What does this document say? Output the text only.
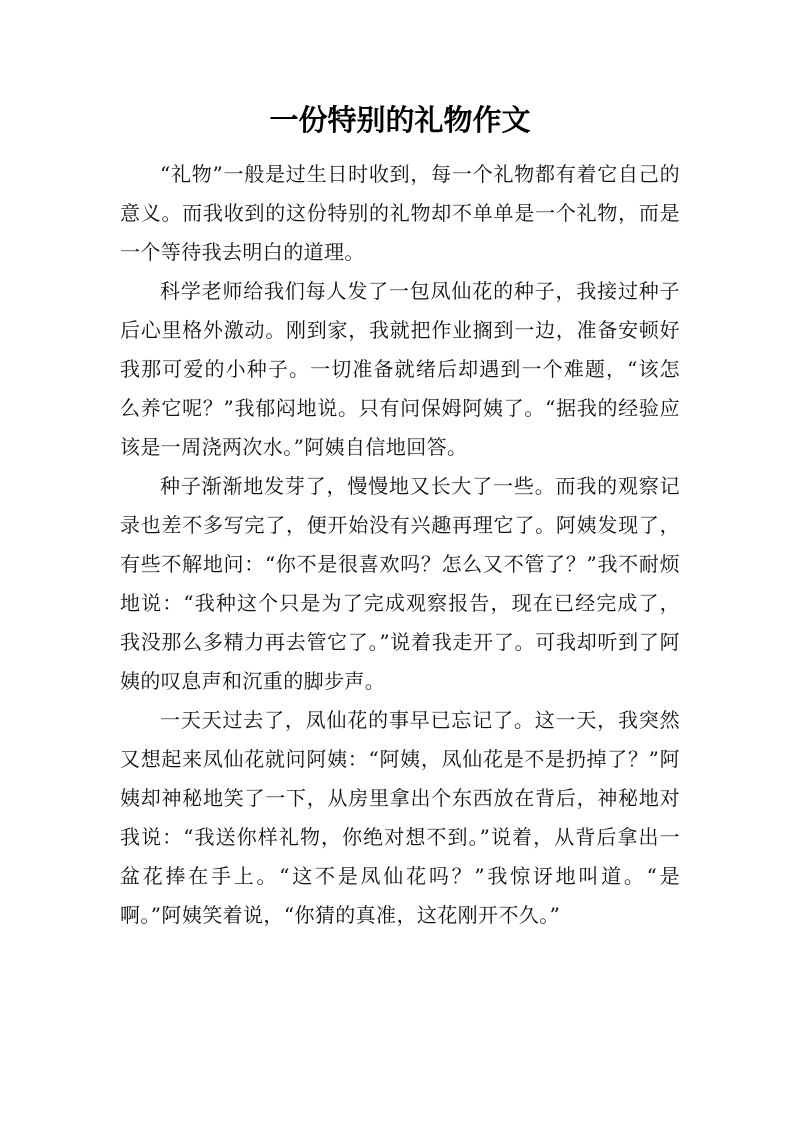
一份特别的礼物作文

“礼物”一般是过生日时收到，每一个礼物都有着它自己的意义。而我收到的这份特别的礼物却不单单是一个礼物，而是一个等待我去明白的道理。

科学老师给我们每人发了一包凤仙花的种子，我接过种子后心里格外激动。刚到家，我就把作业搁到一边，准备安顿好我那可爱的小种子。一切准备就绪后却遇到一个难题，“该怎么养它呢？”我郁闷地说。只有问保姆阿姨了。“据我的经验应该是一周浇两次水。”阿姨自信地回答。

种子渐渐地发芽了，慢慢地又长大了一些。而我的观察记录也差不多写完了，便开始没有兴趣再理它了。阿姨发现了，有些不解地问：“你不是很喜欢吗？怎么又不管了？”我不耐烦地说：“我种这个只是为了完成观察报告，现在已经完成了，我没那么多精力再去管它了。”说着我走开了。可我却听到了阿姨的叹息声和沉重的脚步声。

一天天过去了，凤仙花的事早已忘记了。这一天，我突然又想起来凤仙花就问阿姨：“阿姨，凤仙花是不是扔掉了？”阿姨却神秘地笑了一下，从房里拿出个东西放在背后，神秘地对我说：“我送你样礼物，你绝对想不到。”说着，从背后拿出一盆花捧在手上。“这不是凤仙花吗？”我惊讶地叫道。“是啊。”阿姨笑着说，“你猜的真准，这花刚开不久。”
